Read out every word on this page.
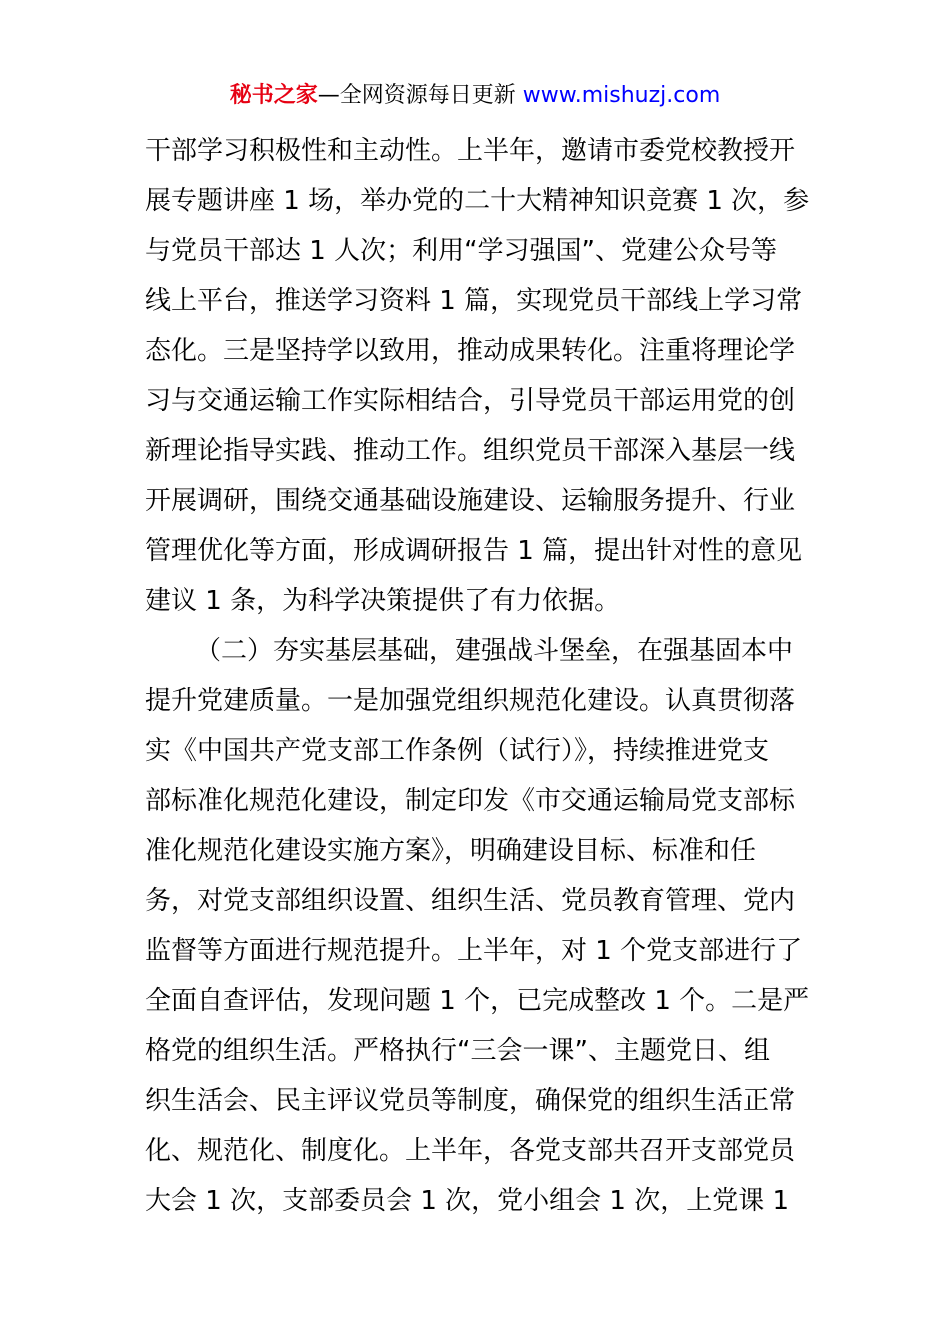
秘书之家—全网资源每日更新 www.mishuzj.com
干部学习积极性和主动性。上半年，邀请市委党校教授开
展专题讲座 1 场，举办党的二十大精神知识竞赛 1 次，参
与党员干部达 1 人次；利用“学习强国”、党建公众号等
线上平台，推送学习资料 1 篇，实现党员干部线上学习常
态化。三是坚持学以致用，推动成果转化。注重将理论学
习与交通运输工作实际相结合，引导党员干部运用党的创
新理论指导实践、推动工作。组织党员干部深入基层一线
开展调研，围绕交通基础设施建设、运输服务提升、行业
管理优化等方面，形成调研报告 1 篇，提出针对性的意见
建议 1 条，为科学决策提供了有力依据。
（二）夯实基层基础，建强战斗堡垒，在强基固本中
提升党建质量。一是加强党组织规范化建设。认真贯彻落
实《中国共产党支部工作条例（试行）》，持续推进党支
部标准化规范化建设，制定印发《市交通运输局党支部标
准化规范化建设实施方案》，明确建设目标、标准和任
务，对党支部组织设置、组织生活、党员教育管理、党内
监督等方面进行规范提升。上半年，对 1 个党支部进行了
全面自查评估，发现问题 1 个，已完成整改 1 个。二是严
格党的组织生活。严格执行“三会一课”、主题党日、组
织生活会、民主评议党员等制度，确保党的组织生活正常
化、规范化、制度化。上半年，各党支部共召开支部党员
大会 1 次，支部委员会 1 次，党小组会 1 次，上党课 1
